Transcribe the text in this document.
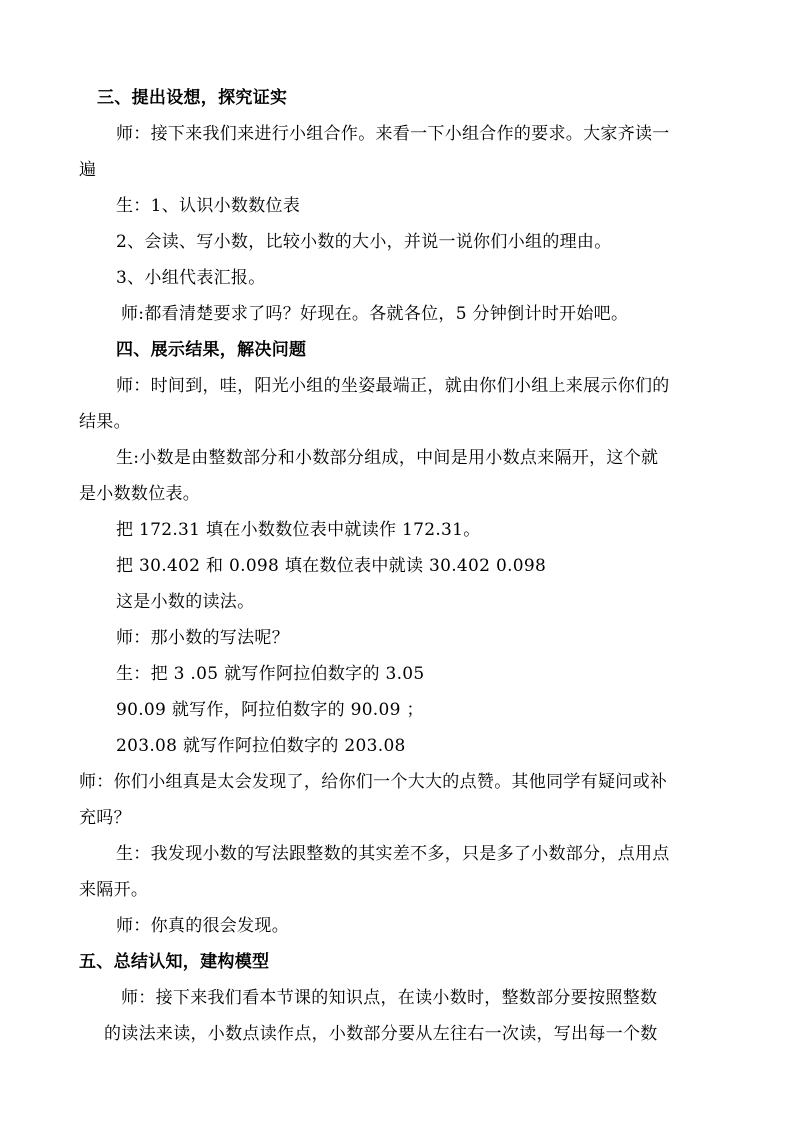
三、提出设想，探究证实
师：接下来我们来进行小组合作。来看一下小组合作的要求。大家齐读一
遍
生：1、认识小数数位表
2、会读、写小数，比较小数的大小，并说一说你们小组的理由。
3、小组代表汇报。
师:都看清楚要求了吗？好现在。各就各位，5 分钟倒计时开始吧。
四、展示结果，解决问题
师：时间到，哇，阳光小组的坐姿最端正，就由你们小组上来展示你们的
结果。
生:小数是由整数部分和小数部分组成，中间是用小数点来隔开，这个就
是小数数位表。
把 172.31 填在小数数位表中就读作 172.31。
把 30.402 和 0.098 填在数位表中就读 30.402 0.098
这是小数的读法。
师：那小数的写法呢？
生：把 3 .05 就写作阿拉伯数字的 3.05
90.09 就写作，阿拉伯数字的 90.09 ；
203.08 就写作阿拉伯数字的 203.08
师：你们小组真是太会发现了，给你们一个大大的点赞。其他同学有疑问或补
充吗？
生：我发现小数的写法跟整数的其实差不多，只是多了小数部分，点用点
来隔开。
师：你真的很会发现。
五、总结认知，建构模型
师：接下来我们看本节课的知识点，在读小数时，整数部分要按照整数
的读法来读，小数点读作点，小数部分要从左往右一次读，写出每一个数
